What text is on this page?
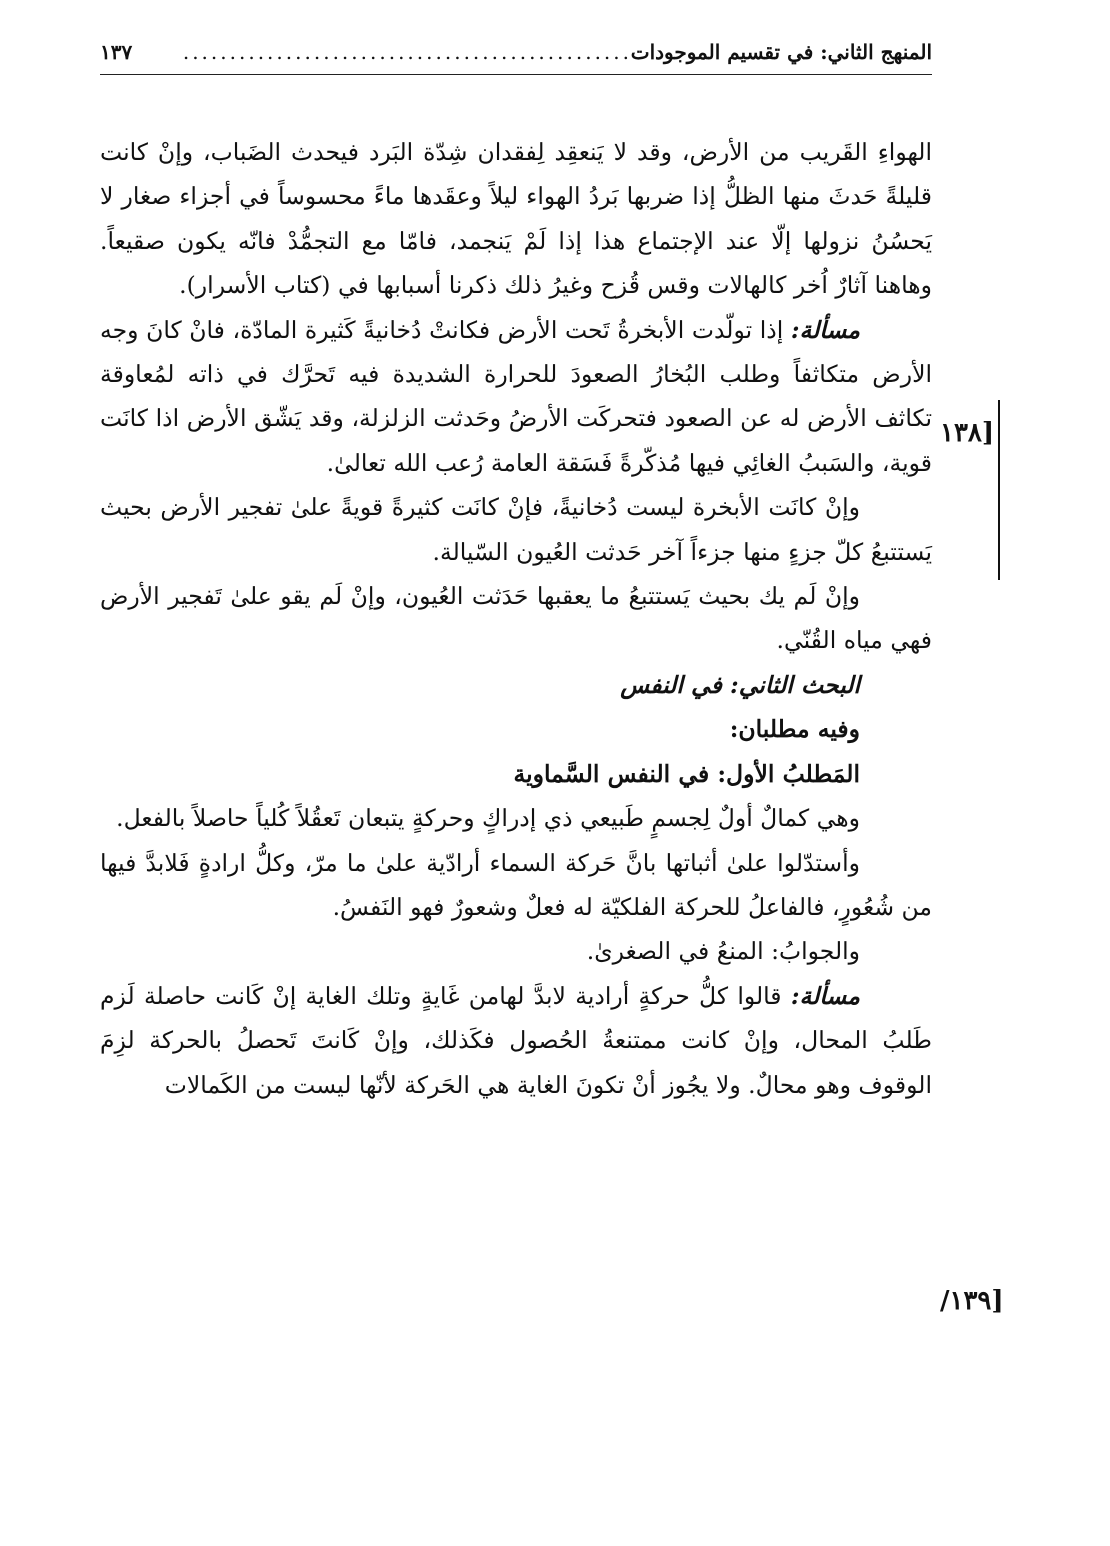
المنهج الثاني: في تقسيم الموجودات
................................................
١٣٧
[١٣٨
[١٣٩/

الهواءِ القَريب من الأرض، وقد لا يَنعقِد لِفقدان شِدّة البَرد فيحدث الضَباب، وإنْ كانت قليلةً حَدثَ منها الظلُّ إذا ضربها بَردُ الهواء ليلاً وعقَدها ماءً محسوساً في أجزاء صغار لا يَحسُنُ نزولها إلّا عند الإجتماع هذا إذا لَمْ يَنجمد، فامّا مع التجمُّدْ فانّه يكون صقيعاً. وهاهنا آثارٌ اُخر كالهالات وقس قُزح وغيرُ ذلك ذكرنا أسبابها في (كتاب الأسرار).

مسألة: إذا تولّدت الأبخرةُ تَحت الأرض فكانتْ دُخانيةً كَثيرة المادّة، فانْ كانَ وجه الأرض متكاثفاً وطلب البُخارُ الصعودَ للحرارة الشديدة فيه تَحرَّك في ذاته لمُعاوقة تكاثف الأرض له عن الصعود فتحركَت الأرضُ وحَدثت الزلزلة، وقد يَشّق الأرض اذا كانَت قوية، والسَببُ الغائِي فيها مُذكّرةً فَسَقة العامة رُعب الله تعالىٰ.

وإنْ كانَت الأبخرة ليست دُخانيةً، فإنْ كانَت كثيرةً قويةً علىٰ تفجير الأرض بحيث يَستتبعُ كلّ جزءٍ منها جزءاً آخر حَدثت العُيون السّيالة.

وإنْ لَم يك بحيث يَستتبعُ ما يعقبها حَدَثت العُيون، وإنْ لَم يقو علىٰ تَفجير الأرض فهي مياه القُنّي.

البحث الثاني: في النفس

وفيه مطلبان:

المَطلبُ الأول: في النفس السَّماوية

وهي كمالٌ أولٌ لِجسمٍ طَبيعي ذي إدراكٍ وحركةٍ يتبعان تَعقُلاً كُلياً حاصلاً بالفعل.

وأستدّلوا علىٰ أثباتها بانَّ حَركة السماء أرادّية علىٰ ما مرّ، وكلُّ ارادةٍ فَلابدَّ فيها من شُعُورٍ، فالفاعلُ للحركة الفلكيّة له فعلٌ وشعورٌ فهو النَفسُ.

والجوابُ: المنعُ في الصغرىٰ.

مسألة: قالوا كلُّ حركةٍ أرادية لابدَّ لهامن غَايةٍ وتلك الغاية إنْ كَانت حاصلة لَزم طَلبُ المحال، وإنْ كانت ممتنعةُ الحُصول فكَذلك، وإنْ كَانتَ تَحصلُ بالحركة لزِمَ الوقوف وهو محالٌ. ولا يجُوز أنْ تكونَ الغاية هي الحَركة لأنّها ليست من الكَمالات
